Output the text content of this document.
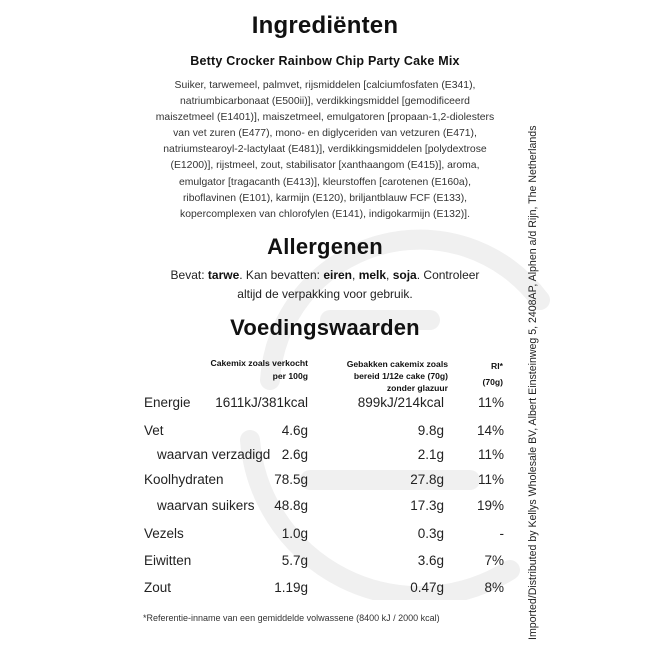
Ingrediënten
Betty Crocker Rainbow Chip Party Cake Mix
Suiker, tarwemeel, palmvet, rijsmiddelen [calciumfosfaten (E341),
natriumbicarbonaat (E500ii)], verdikkingsmiddel [gemodificeerd
maiszetmeel (E1401)], maiszetmeel, emulgatoren [propaan-1,2-diolesters
van vet zuren (E477), mono- en diglyceriden van vetzuren (E471),
natriumstearoyl-2-lactylaat (E481)], verdikkingsmiddelen [polydextrose
(E1200)], rijstmeel, zout, stabilisator [xanthaangom (E415)], aroma,
emulgator [tragacanth (E413)], kleurstoffen [carotenen (E160a),
riboflavinen (E101), karmijn (E120), briljantblauw FCF (E133),
kopercomplexen van chlorofylen (E141), indigokarmijn (E132)].
Allergenen
Bevat: tarwe. Kan bevatten: eiren, melk, soja. Controleer
altijd de verpakking voor gebruik.
Voedingswaarden
Cakemix zoals verkocht
per 100g
Gebakken cakemix zoals
bereid 1/12e cake (70g)
zonder glazuur
RI*
(70g)
Energie 1611kJ/381kcal	899kJ/214kcal	11%
Vet	4.6g	9.8g 14%
waarvan verzadigd 2.6g	2.1g	11%
Koolhydraten	78.5g	27.8g	11%
waarvan suikers 48.8g	17.3g 19%
Vezels	1.0g	0.3g	-
Eiwitten	5.7g	3.6g	7%
Zout	1.19g	0.47g	8%
*Referentie-inname van een gemiddelde volwassene (8400 kJ / 2000 kcal)	Imported/Distributed by Kellys Wholesale BV, Albert Einsteinweg 5, 2408AP, Alphen a/d Rijn, The Netherlands
